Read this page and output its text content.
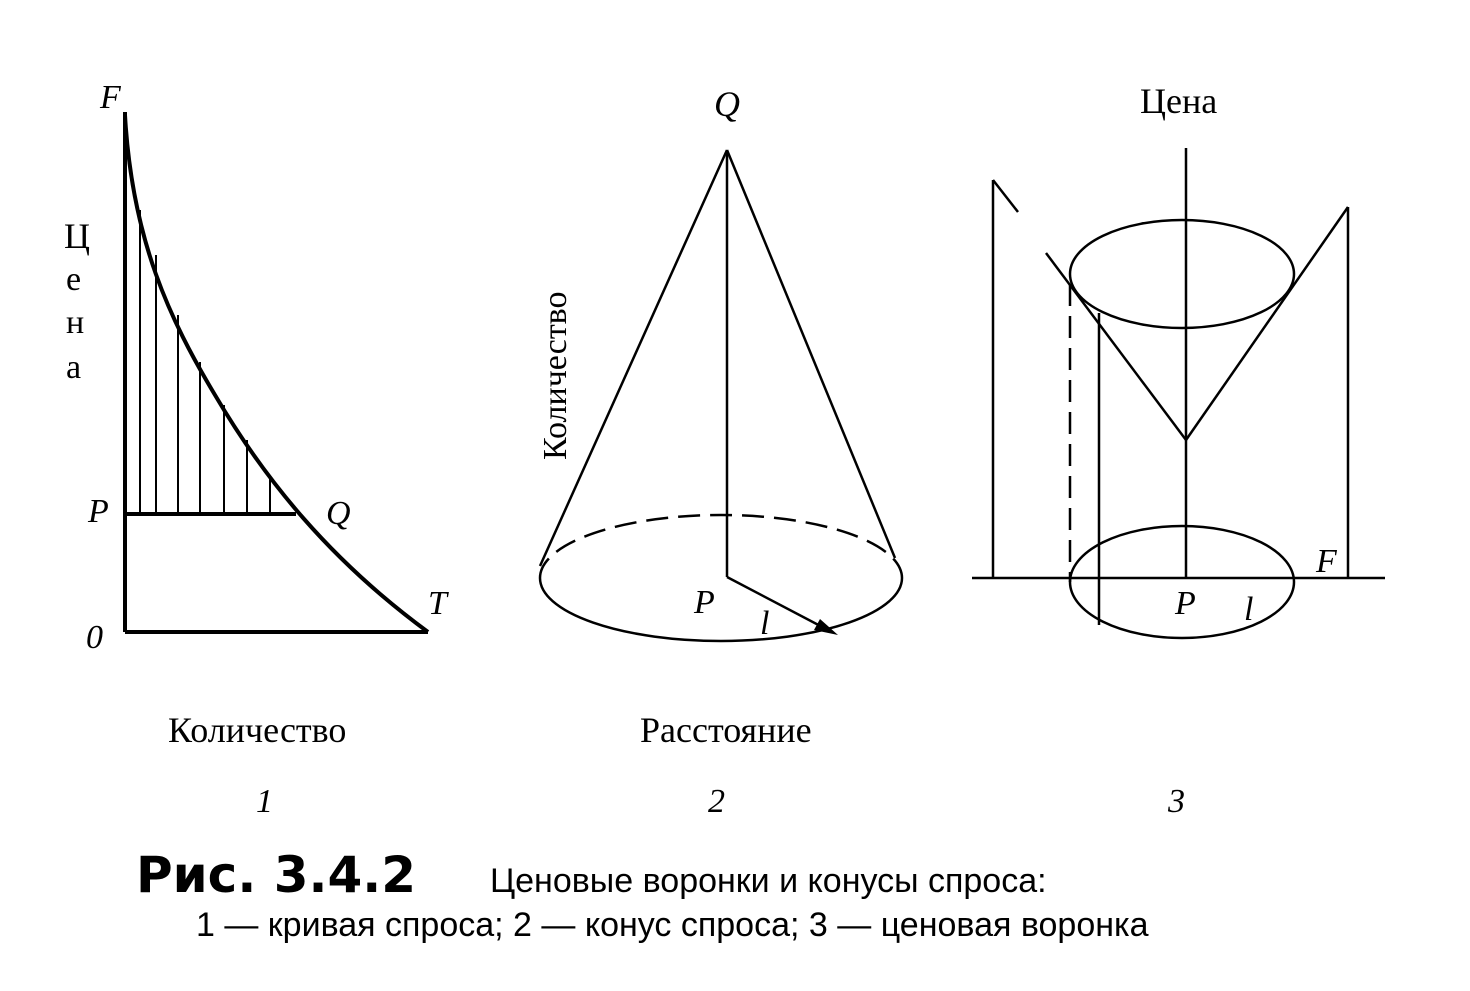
F
Ц
е
н
а
P	Q
T
0
Количество
1
Q
Количество
P
l
Расстояние
2
Цена
F
P l
3
Рис. 3.4.2 Ценовые воронки и конусы спроса:
1 — кривая спроса; 2 — конус спроса; 3 — ценовая воронка
